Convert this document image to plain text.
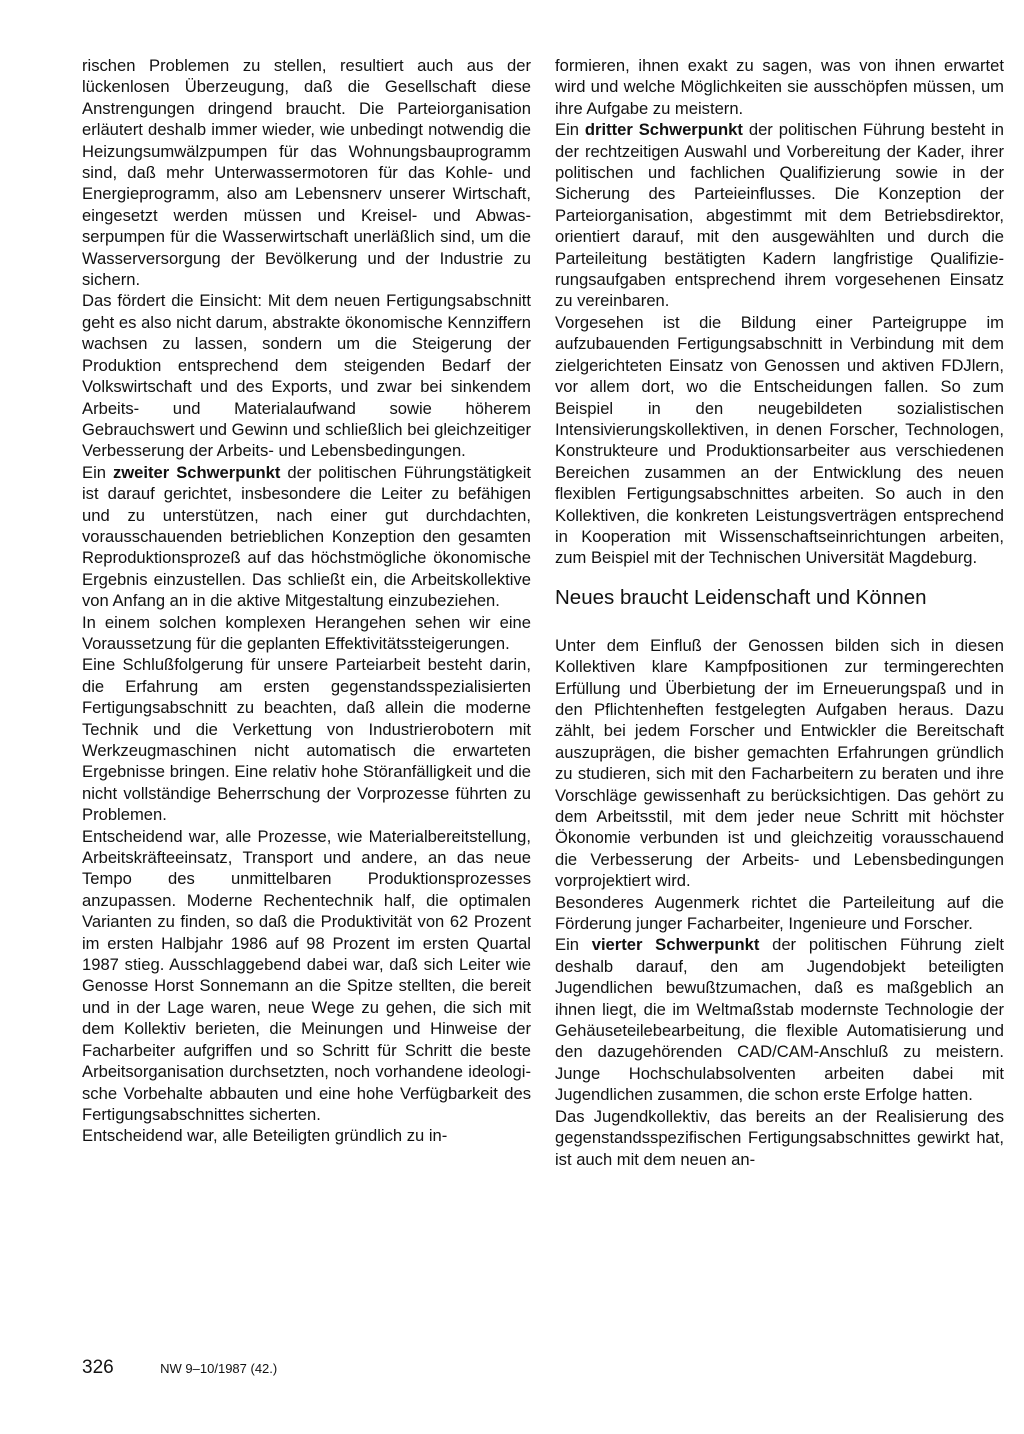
rischen Problemen zu stellen, resultiert auch aus der lückenlosen Überzeugung, daß die Gesellschaft diese Anstrengungen dringend braucht. Die Parteiorganisation erläutert deshalb immer wieder, wie unbedingt notwendig die Heizungsumwälzpumpen für das Wohnungsbauprogramm sind, daß mehr Unterwassermotoren für das Kohle- und Energieprogramm, also am Lebensnerv unserer Wirtschaft, eingesetzt werden müssen und Kreisel- und Abwasserpumpen für die Wasserwirtschaft unerläßlich sind, um die Wasserversorgung der Bevölkerung und der Industrie zu sichern.

Das fördert die Einsicht: Mit dem neuen Fertigungsabschnitt geht es also nicht darum, abstrakte ökonomische Kennziffern wachsen zu lassen, sondern um die Steigerung der Produktion entsprechend dem steigenden Bedarf der Volkswirtschaft und des Exports, und zwar bei sinkendem Arbeits- und Materialaufwand sowie höherem Gebrauchswert und Gewinn und schließlich bei gleichzeitiger Verbesserung der Arbeits- und Lebensbedingungen.

Ein zweiter Schwerpunkt der politischen Führungstätigkeit ist darauf gerichtet, insbesondere die Leiter zu befähigen und zu unterstützen, nach einer gut durchdachten, vorausschauenden betrieblichen Konzeption den gesamten Reproduktionsprozeß auf das höchstmögliche ökonomische Ergebnis einzustellen. Das schließt ein, die Arbeitskollektive von Anfang an in die aktive Mitgestaltung einzubeziehen.

In einem solchen komplexen Herangehen sehen wir eine Voraussetzung für die geplanten Effektivitätssteigerungen.

Eine Schlußfolgerung für unsere Parteiarbeit besteht darin, die Erfahrung am ersten gegenstandsspezialisierten Fertigungsabschnitt zu beachten, daß allein die moderne Technik und die Verkettung von Industrierobotern mit Werkzeugmaschinen nicht automatisch die erwarteten Ergebnisse bringen. Eine relativ hohe Störanfälligkeit und die nicht vollständige Beherrschung der Vorprozesse führten zu Problemen.

Entscheidend war, alle Prozesse, wie Materialbereitstellung, Arbeitskräfteeinsatz, Transport und andere, an das neue Tempo des unmittelbaren Produktionsprozesses anzupassen. Moderne Rechentechnik half, die optimalen Varianten zu finden, so daß die Produktivität von 62 Prozent im ersten Halbjahr 1986 auf 98 Prozent im ersten Quartal 1987 stieg. Ausschlaggebend dabei war, daß sich Leiter wie Genosse Horst Sonnemann an die Spitze stellten, die bereit und in der Lage waren, neue Wege zu gehen, die sich mit dem Kollektiv berieten, die Meinungen und Hinweise der Facharbeiter aufgriffen und so Schritt für Schritt die beste Arbeitsorganisation durchsetzten, noch vorhandene ideologische Vorbehalte abbauten und eine hohe Verfügbarkeit des Fertigungsabschnittes sicherten.

Entscheidend war, alle Beteiligten gründlich zu in-

formieren, ihnen exakt zu sagen, was von ihnen erwartet wird und welche Möglichkeiten sie ausschöpfen müssen, um ihre Aufgabe zu meistern.

Ein dritter Schwerpunkt der politischen Führung besteht in der rechtzeitigen Auswahl und Vorbereitung der Kader, ihrer politischen und fachlichen Qualifizierung sowie in der Sicherung des Parteieinflusses. Die Konzeption der Parteiorganisation, abgestimmt mit dem Betriebsdirektor, orientiert darauf, mit den ausgewählten und durch die Parteileitung bestätigten Kadern langfristige Qualifizierungsaufgaben entsprechend ihrem vorgesehenen Einsatz zu vereinbaren.

Vorgesehen ist die Bildung einer Parteigruppe im aufzubauenden Fertigungsabschnitt in Verbindung mit dem zielgerichteten Einsatz von Genossen und aktiven FDJlern, vor allem dort, wo die Entscheidungen fallen. So zum Beispiel in den neugebildeten sozialistischen Intensivierungskollektiven, in denen Forscher, Technologen, Konstrukteure und Produktionsarbeiter aus verschiedenen Bereichen zusammen an der Entwicklung des neuen flexiblen Fertigungsabschnittes arbeiten. So auch in den Kollektiven, die konkreten Leistungsverträgen entsprechend in Kooperation mit Wissenschaftseinrichtungen arbeiten, zum Beispiel mit der Technischen Universität Magdeburg.

Neues braucht Leidenschaft und Können

Unter dem Einfluß der Genossen bilden sich in diesen Kollektiven klare Kampfpositionen zur termingerechten Erfüllung und Überbietung der im Erneuerungspaß und in den Pflichtenheften festgelegten Aufgaben heraus. Dazu zählt, bei jedem Forscher und Entwickler die Bereitschaft auszuprägen, die bisher gemachten Erfahrungen gründlich zu studieren, sich mit den Facharbeitern zu beraten und ihre Vorschläge gewissenhaft zu berücksichtigen. Das gehört zu dem Arbeitsstil, mit dem jeder neue Schritt mit höchster Ökonomie verbunden ist und gleichzeitig vorausschauend die Verbesserung der Arbeits- und Lebensbedingungen vorprojektiert wird.

Besonderes Augenmerk richtet die Parteileitung auf die Förderung junger Facharbeiter, Ingenieure und Forscher.

Ein vierter Schwerpunkt der politischen Führung zielt deshalb darauf, den am Jugendobjekt beteiligten Jugendlichen bewußtzumachen, daß es maßgeblich an ihnen liegt, die im Weltmaßstab modernste Technologie der Gehäuseteilebearbeitung, die flexible Automatisierung und den dazugehörenden CAD/CAM-Anschluß zu meistern. Junge Hochschulabsolventen arbeiten dabei mit Jugendlichen zusammen, die schon erste Erfolge hatten.

Das Jugendkollektiv, das bereits an der Realisierung des gegenstandsspezifischen Fertigungsabschnittes gewirkt hat, ist auch mit dem neuen an-

326	NW 9–10/1987 (42.)
